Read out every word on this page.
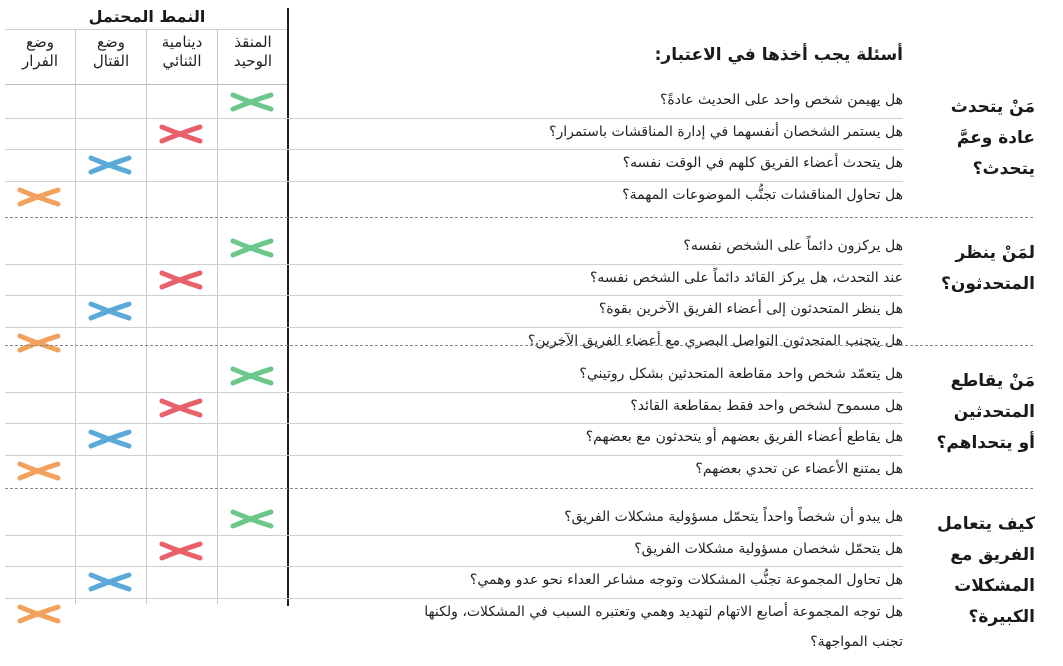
النمط المحتمل
المنقذ
الوحيد
دينامية
الثنائي
وضع
القتال
وضع
الفرار	أسئلة يجب أخذها في الاعتبار:
مَنْ يتحدث عادة وعمَّ يتحدث؟
هل يهيمن شخص واحد على الحديث عادةً؟
هل يستمر الشخصان أنفسهما في إدارة المناقشات باستمرار؟
هل يتحدث أعضاء الفريق كلهم في الوقت نفسه؟
هل تحاول المناقشات تجنُّب الموضوعات المهمة؟
لمَنْ ينظر المتحدثون؟
هل يركزون دائماً على الشخص نفسه؟
عند التحدث، هل يركز القائد دائماً على الشخص نفسه؟
هل ينظر المتحدثون إلى أعضاء الفريق الآخرين بقوة؟
هل يتجنب المتحدثون التواصل البصري مع أعضاء الفريق الآخرين؟
مَنْ يقاطع المتحدثين أو يتحداهم؟
هل يتعمّد شخص واحد مقاطعة المتحدثين بشكل روتيني؟
هل مسموح لشخص واحد فقط بمقاطعة القائد؟
هل يقاطع أعضاء الفريق بعضهم أو يتحدثون مع بعضهم؟
هل يمتنع الأعضاء عن تحدي بعضهم؟
كيف يتعامل الفريق مع المشكلات الكبيرة؟
هل يبدو أن شخصاً واحداً يتحمّل مسؤولية مشكلات الفريق؟
هل يتحمّل شخصان مسؤولية مشكلات الفريق؟
هل تحاول المجموعة تجنُّب المشكلات وتوجه مشاعر العداء نحو عدو وهمي؟
هل توجه المجموعة أصابع الاتهام لتهديد وهمي وتعتبره السبب في المشكلات، ولكنها
تجنب المواجهة؟
